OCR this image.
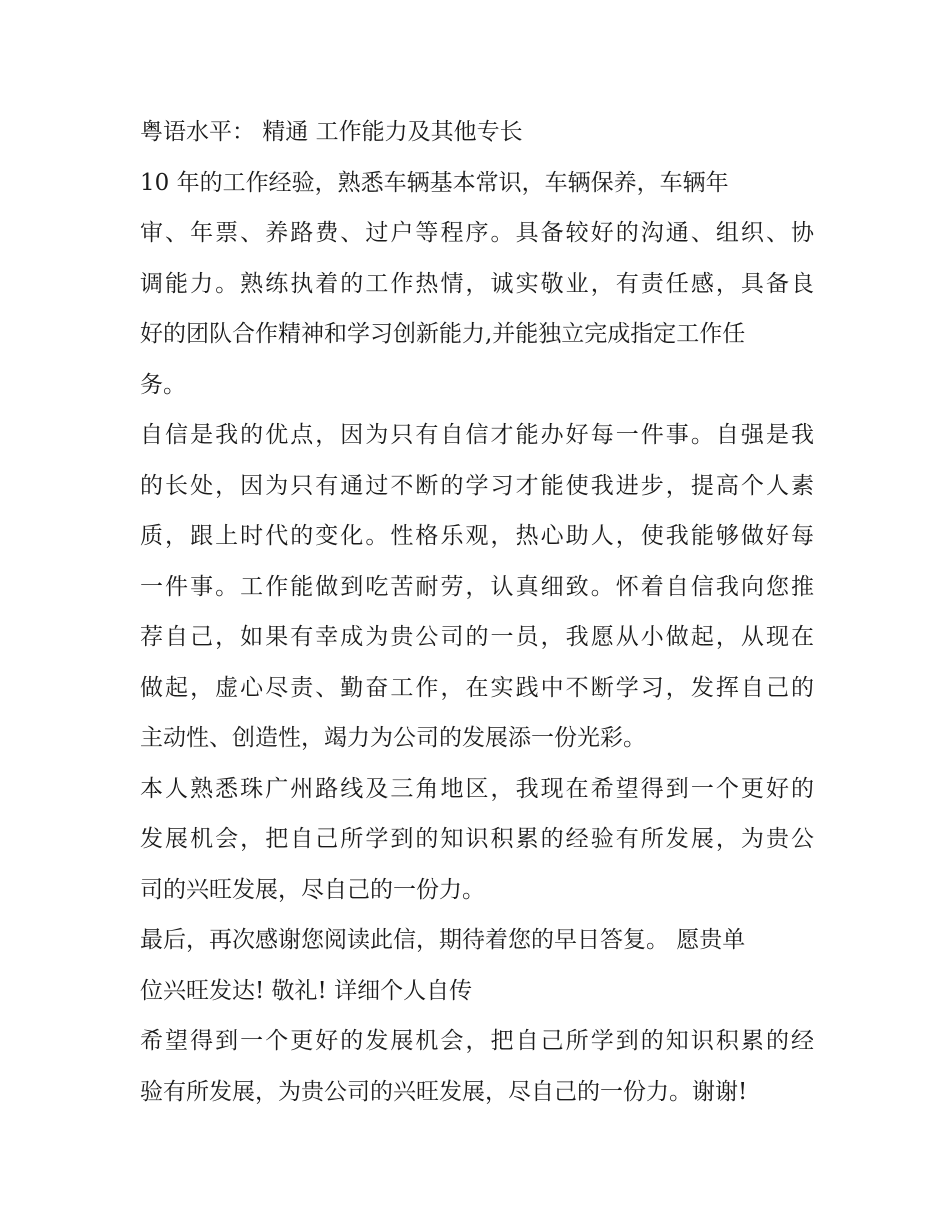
粤语水平： 精通 工作能力及其他专长
10 年的工作经验，熟悉车辆基本常识，车辆保养，车辆年
审、年票、养路费、过户等程序。具备较好的沟通、组织、协
调能力。熟练执着的工作热情，诚实敬业，有责任感，具备良
好的团队合作精神和学习创新能力,并能独立完成指定工作任
务。
自信是我的优点，因为只有自信才能办好每一件事。自强是我
的长处，因为只有通过不断的学习才能使我进步，提高个人素
质，跟上时代的变化。性格乐观，热心助人，使我能够做好每
一件事。工作能做到吃苦耐劳，认真细致。怀着自信我向您推
荐自己，如果有幸成为贵公司的一员，我愿从小做起，从现在
做起，虚心尽责、勤奋工作，在实践中不断学习，发挥自己的
主动性、创造性，竭力为公司的发展添一份光彩。
本人熟悉珠广州路线及三角地区，我现在希望得到一个更好的
发展机会，把自己所学到的知识积累的经验有所发展，为贵公
司的兴旺发展，尽自己的一份力。
最后，再次感谢您阅读此信，期待着您的早日答复。 愿贵单
位兴旺发达! 敬礼! 详细个人自传
希望得到一个更好的发展机会，把自己所学到的知识积累的经
验有所发展，为贵公司的兴旺发展，尽自己的一份力。谢谢!
